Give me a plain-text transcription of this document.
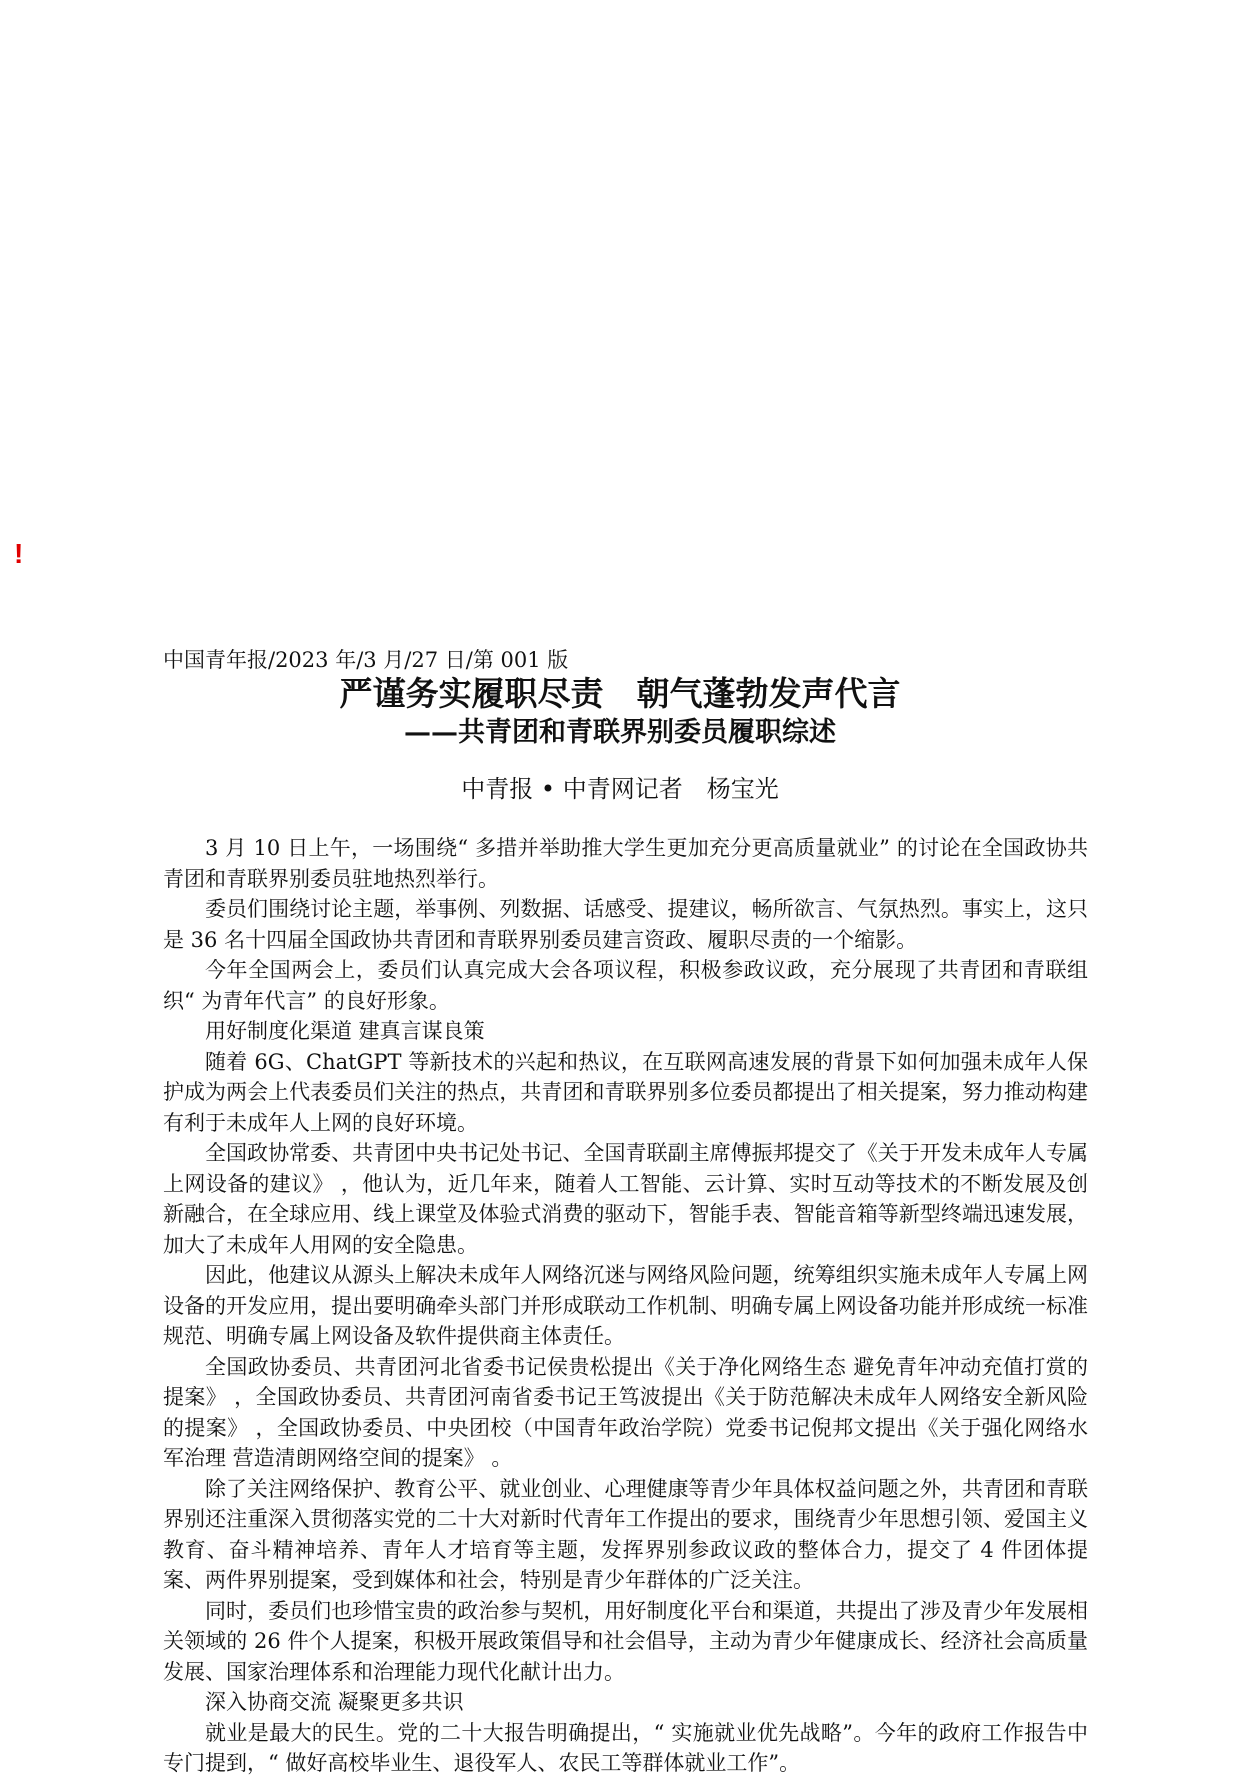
!
中国青年报/2023 年/3 月/27 日/第 001 版
严谨务实履职尽责　朝气蓬勃发声代言
——共青团和青联界别委员履职综述
中青报 • 中青网记者　杨宝光

3 月 10 日上午，一场围绕“ 多措并举助推大学生更加充分更高质量就业” 的讨论在全国政协共青团和青联界别委员驻地热烈举行。

委员们围绕讨论主题，举事例、列数据、话感受、提建议，畅所欲言、气氛热烈。事实上，这只是 36 名十四届全国政协共青团和青联界别委员建言资政、履职尽责的一个缩影。

今年全国两会上，委员们认真完成大会各项议程，积极参政议政，充分展现了共青团和青联组织“ 为青年代言” 的良好形象。

用好制度化渠道 建真言谋良策

随着 6G、ChatGPT 等新技术的兴起和热议，在互联网高速发展的背景下如何加强未成年人保护成为两会上代表委员们关注的热点，共青团和青联界别多位委员都提出了相关提案，努力推动构建有利于未成年人上网的良好环境。

全国政协常委、共青团中央书记处书记、全国青联副主席傅振邦提交了《关于开发未成年人专属上网设备的建议》 ，他认为，近几年来，随着人工智能、云计算、实时互动等技术的不断发展及创新融合，在全球应用、线上课堂及体验式消费的驱动下，智能手表、智能音箱等新型终端迅速发展，加大了未成年人用网的安全隐患。

因此，他建议从源头上解决未成年人网络沉迷与网络风险问题，统筹组织实施未成年人专属上网设备的开发应用，提出要明确牵头部门并形成联动工作机制、明确专属上网设备功能并形成统一标准规范、明确专属上网设备及软件提供商主体责任。

全国政协委员、共青团河北省委书记侯贵松提出《关于净化网络生态 避免青年冲动充值打赏的提案》 ，全国政协委员、共青团河南省委书记王笃波提出《关于防范解决未成年人网络安全新风险的提案》 ，全国政协委员、中央团校（中国青年政治学院）党委书记倪邦文提出《关于强化网络水军治理 营造清朗网络空间的提案》 。

除了关注网络保护、教育公平、就业创业、心理健康等青少年具体权益问题之外，共青团和青联界别还注重深入贯彻落实党的二十大对新时代青年工作提出的要求，围绕青少年思想引领、爱国主义教育、奋斗精神培养、青年人才培育等主题，发挥界别参政议政的整体合力，提交了 4 件团体提案、两件界别提案，受到媒体和社会，特别是青少年群体的广泛关注。

同时，委员们也珍惜宝贵的政治参与契机，用好制度化平台和渠道，共提出了涉及青少年发展相关领域的 26 件个人提案，积极开展政策倡导和社会倡导，主动为青少年健康成长、经济社会高质量发展、国家治理体系和治理能力现代化献计出力。

深入协商交流 凝聚更多共识

就业是最大的民生。党的二十大报告明确提出，“ 实施就业优先战略”。今年的政府工作报告中专门提到，“ 做好高校毕业生、退役军人、农民工等群体就业工作”。
